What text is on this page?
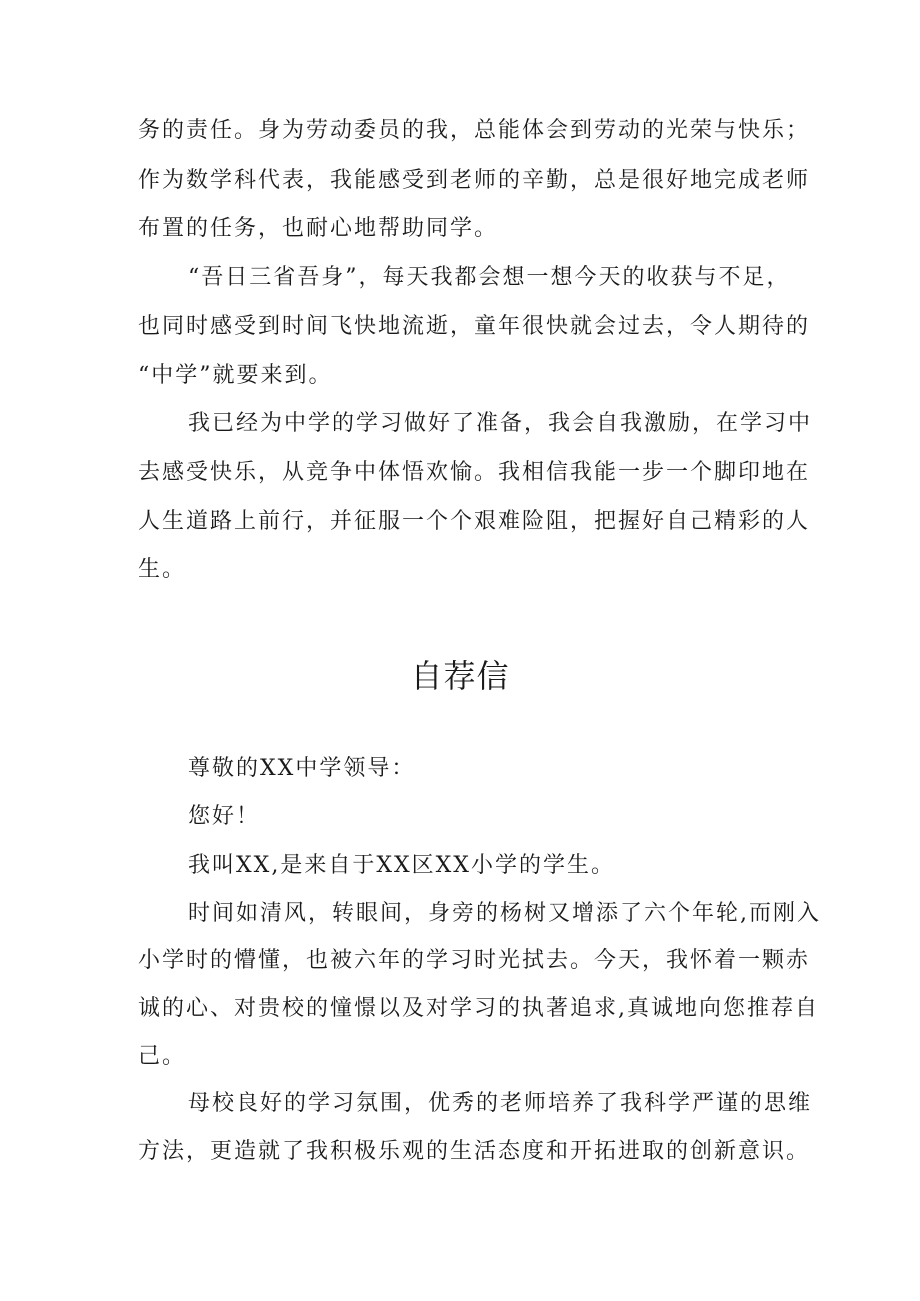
务的责任。身为劳动委员的我，总能体会到劳动的光荣与快乐；

作为数学科代表，我能感受到老师的辛勤，总是很好地完成老师

布置的任务，也耐心地帮助同学。

“吾日三省吾身”，每天我都会想一想今天的收获与不足，

也同时感受到时间飞快地流逝，童年很快就会过去，令人期待的

“中学”就要来到。

我已经为中学的学习做好了准备，我会自我激励，在学习中

去感受快乐，从竞争中体悟欢愉。我相信我能一步一个脚印地在

人生道路上前行，并征服一个个艰难险阻，把握好自己精彩的人

生。

自荐信

尊敬的XX中学领导：

您好！

我叫XX,是来自于XX区XX小学的学生。

时间如清风，转眼间，身旁的杨树又增添了六个年轮,而刚入

小学时的懵懂，也被六年的学习时光拭去。今天，我怀着一颗赤

诚的心、对贵校的憧憬以及对学习的执著追求,真诚地向您推荐自

己。

母校良好的学习氛围，优秀的老师培养了我科学严谨的思维

方法，更造就了我积极乐观的生活态度和开拓进取的创新意识。
